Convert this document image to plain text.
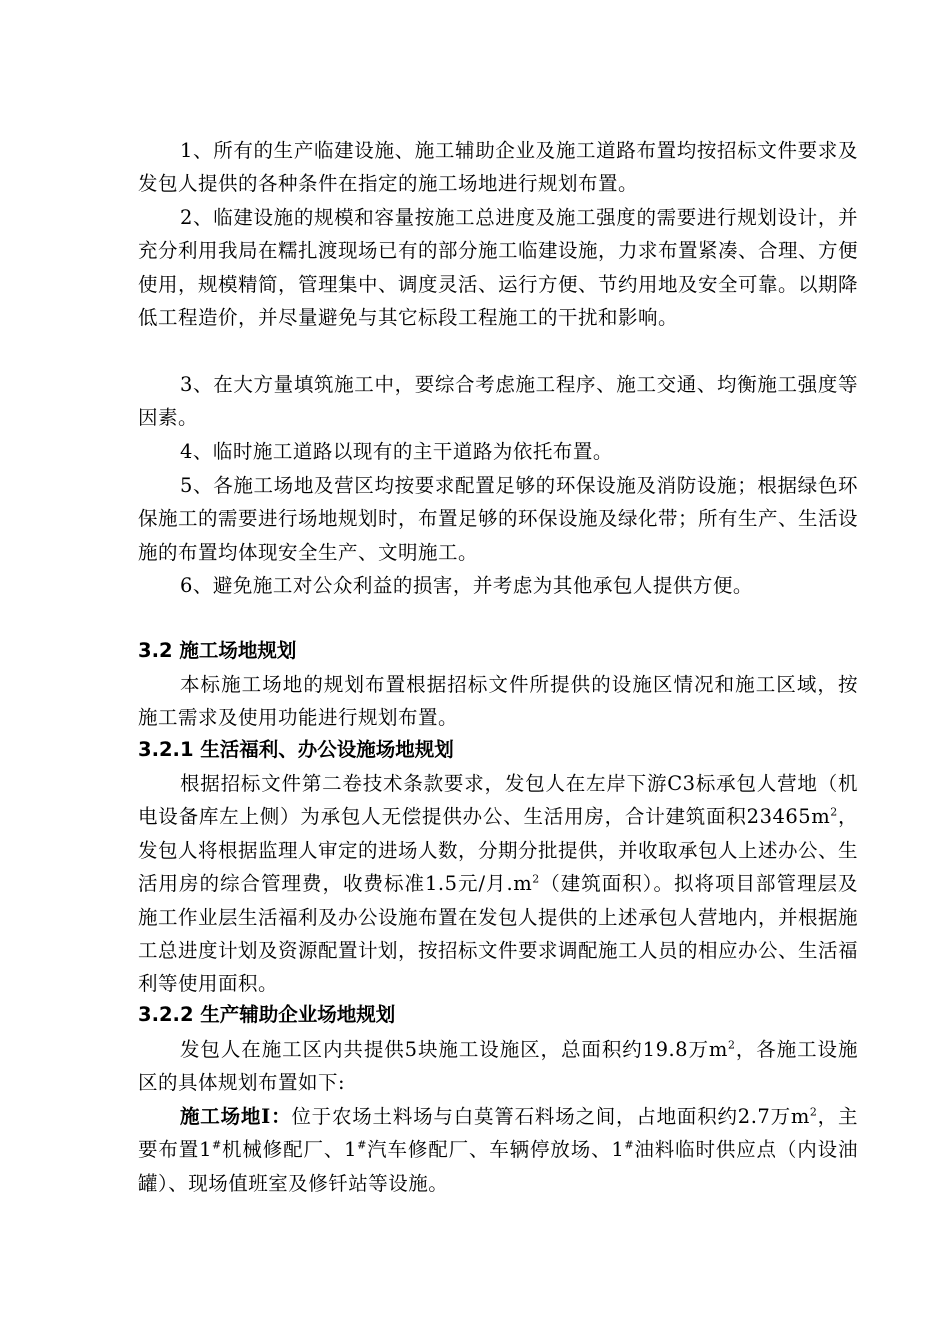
1、所有的生产临建设施、施工辅助企业及施工道路布置均按招标文件要求及发包人提供的各种条件在指定的施工场地进行规划布置。

2、临建设施的规模和容量按施工总进度及施工强度的需要进行规划设计，并充分利用我局在糯扎渡现场已有的部分施工临建设施，力求布置紧凑、合理、方便使用，规模精简，管理集中、调度灵活、运行方便、节约用地及安全可靠。以期降低工程造价，并尽量避免与其它标段工程施工的干扰和影响。

3、在大方量填筑施工中，要综合考虑施工程序、施工交通、均衡施工强度等因素。

4、临时施工道路以现有的主干道路为依托布置。

5、各施工场地及营区均按要求配置足够的环保设施及消防设施；根据绿色环保施工的需要进行场地规划时，布置足够的环保设施及绿化带；所有生产、生活设施的布置均体现安全生产、文明施工。

6、避免施工对公众利益的损害，并考虑为其他承包人提供方便。

3.2 施工场地规划

本标施工场地的规划布置根据招标文件所提供的设施区情况和施工区域，按施工需求及使用功能进行规划布置。

3.2.1 生活福利、办公设施场地规划

根据招标文件第二卷技术条款要求，发包人在左岸下游C3标承包人营地（机电设备库左上侧）为承包人无偿提供办公、生活用房，合计建筑面积$23465m^2$，发包人将根据监理人审定的进场人数，分期分批提供，并收取承包人上述办公、生活用房的综合管理费，收费标准1.5元/月$.m^2$（建筑面积）。拟将项目部管理层及施工作业层生活福利及办公设施布置在发包人提供的上述承包人营地内，并根据施工总进度计划及资源配置计划，按招标文件要求调配施工人员的相应办公、生活福利等使用面积。

3.2.2 生产辅助企业场地规划

发包人在施工区内共提供5块施工设施区，总面积约19.8万$m^2$，各施工设施区的具体规划布置如下:

施工场地Ⅰ：位于农场土料场与白莫箐石料场之间，占地面积约2.7万$m^2$，主要布置1#机械修配厂、1#汽车修配厂、车辆停放场、1#油料临时供应点（内设油罐）、现场值班室及修钎站等设施。
